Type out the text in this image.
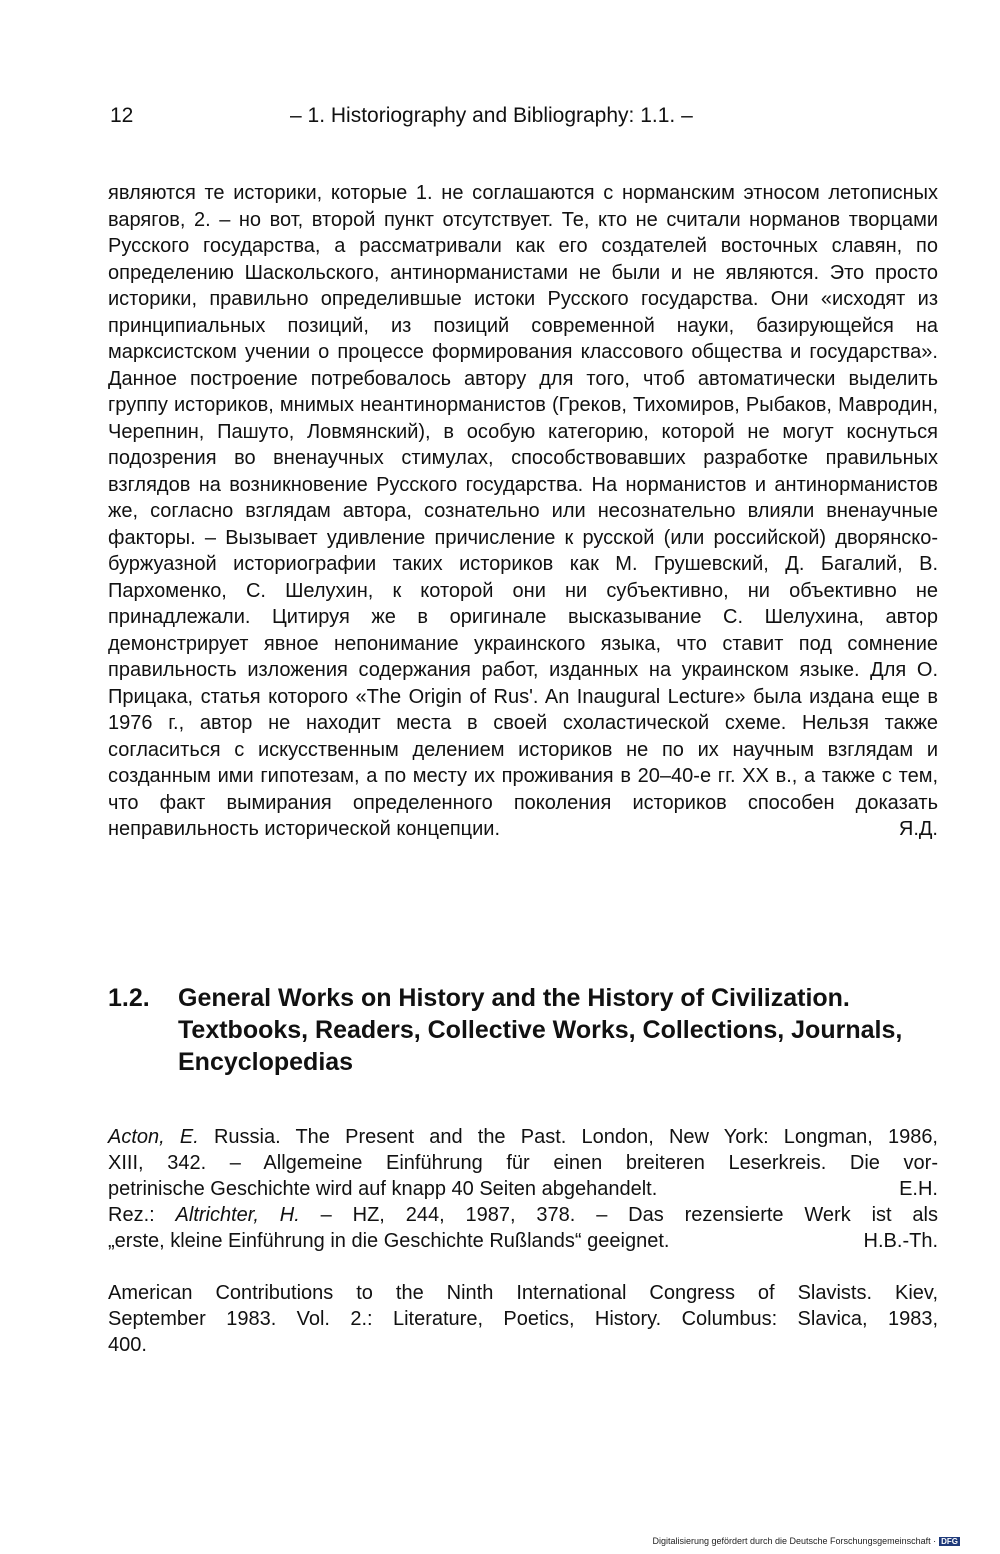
12	– 1. Historiography and Bibliography: 1.1. –

являются те историки, которые 1. не соглашаются с норманским этносом летописных варягов, 2. – но вот, второй пункт отсутствует. Те, кто не считали норманов творцами Русского государства, а рассматривали как его создателей восточных славян, по определению Шаскольского, антинорманистами не были и не являются. Это просто историки, правильно определившые истоки Русского государства. Они «исходят из принципиальных позиций, из позиций современной науки, базирующейся на марксистском учении о процессе формирования классового общества и государства». Данное построение потребовалось автору для того, чтоб автоматически выделить группу историков, мнимых неантинорманистов (Греков, Тихомиров, Рыбаков, Мавродин, Черепнин, Пашуто, Ловмянский), в особую категорию, которой не могут коснуться подозрения во вненаучных стимулах, способствовавших разработке правильных взглядов на возникновение Русского государства. На норманистов и антинорманистов же, согласно взглядам автора, сознательно или несознательно влияли вненаучные факторы. – Вызывает удивление причисление к русской (или российской) дворянско-буржуазной историографии таких историков как М. Грушевский, Д. Багалий, В. Пархоменко, С. Шелухин, к которой они ни субъективно, ни объективно не принадлежали. Цитируя же в оригинале высказывание С. Шелухина, автор демонстрирует явное непонимание украинского языка, что ставит под сомнение правильность изложения содержания работ, изданных на украинском языке. Для О. Прицака, статья которого «The Origin of Rus'. An Inaugural Lecture» была издана еще в 1976 г., автор не находит места в своей схоластической схеме. Нельзя также согласиться с искусственным делением историков не по их научным взглядам и созданным ими гипотезам, а по месту их проживания в 20–40-е гг. XX в., а также с тем, что факт вымирания определенного поколения историков способен доказать неправильность исторической концепции.	Я.Д.

1.2. General Works on History and the History of Civilization.
Textbooks, Readers, Collective Works, Collections, Journals,
Encyclopedias
Acton, E. Russia. The Present and the Past. London, New York: Longman, 1986,
XIII, 342. – Allgemeine Einführung für einen breiteren Leserkreis. Die vor-
petrinische Geschichte wird auf knapp 40 Seiten abgehandelt.	E.H.
Rez.: Altrichter, H. – HZ, 244, 1987, 378. – Das rezensierte Werk ist als
„erste, kleine Einführung in die Geschichte Rußlands“ geeignet.	H.B.-Th.
American Contributions to the Ninth International Congress of Slavists. Kiev,
September 1983. Vol. 2.: Literature, Poetics, History. Columbus: Slavica, 1983,
400.
Digitalisierung gefördert durch die Deutsche Forschungsgemeinschaft · DFG
